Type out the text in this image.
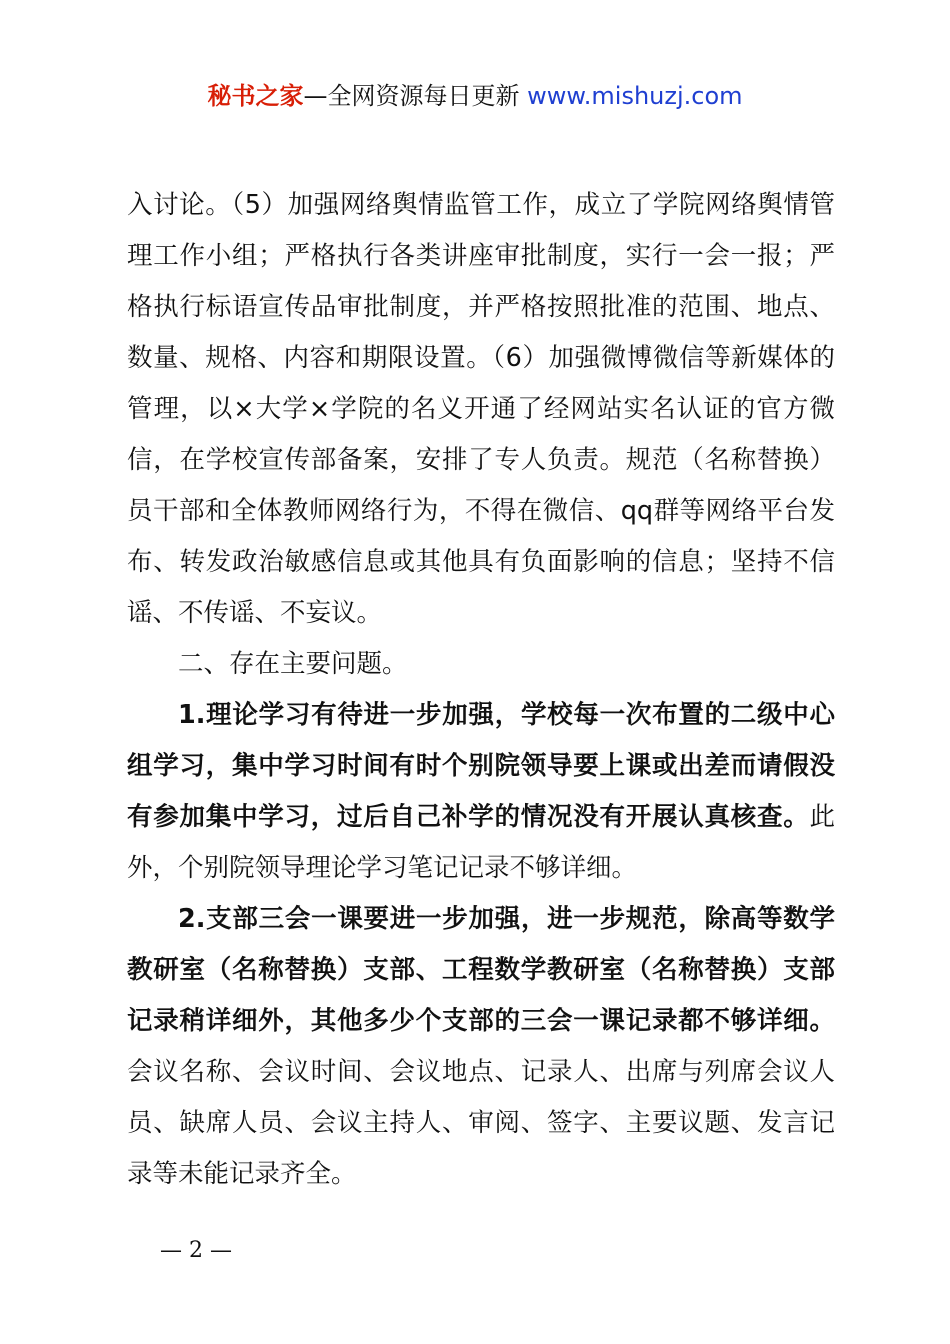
秘书之家—全网资源每日更新 www.mishuzj.com

入讨论。（5）加强网络舆情监管工作，成立了学院网络舆情管理工作小组；严格执行各类讲座审批制度，实行一会一报；严格执行标语宣传品审批制度，并严格按照批准的范围、地点、数量、规格、内容和期限设置。（6）加强微博微信等新媒体的管理，以×大学×学院的名义开通了经网站实名认证的官方微信，在学校宣传部备案，安排了专人负责。规范（名称替换）员干部和全体教师网络行为，不得在微信、qq群等网络平台发布、转发政治敏感信息或其他具有负面影响的信息；坚持不信谣、不传谣、不妄议。

二、存在主要问题。

1.理论学习有待进一步加强，学校每一次布置的二级中心组学习，集中学习时间有时个别院领导要上课或出差而请假没有参加集中学习，过后自己补学的情况没有开展认真核查。此外，个别院领导理论学习笔记记录不够详细。

2.支部三会一课要进一步加强，进一步规范，除高等数学教研室（名称替换）支部、工程数学教研室（名称替换）支部记录稍详细外，其他多少个支部的三会一课记录都不够详细。会议名称、会议时间、会议地点、记录人、出席与列席会议人员、缺席人员、会议主持人、审阅、签字、主要议题、发言记录等未能记录齐全。

— 2 —
